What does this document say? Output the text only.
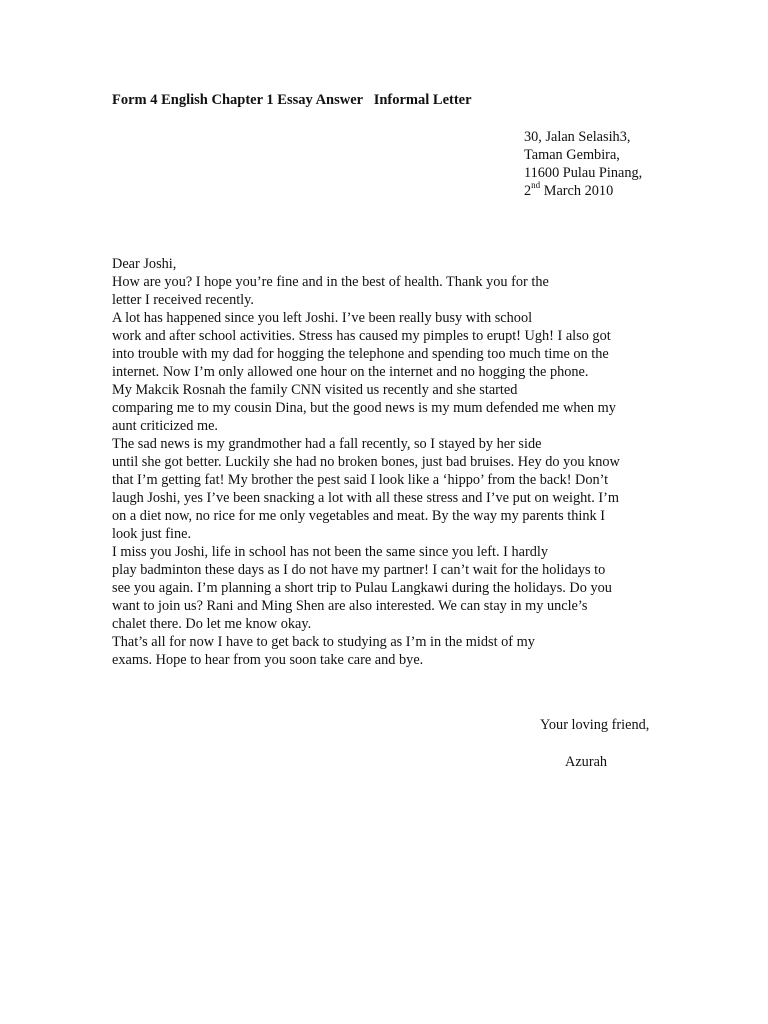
Form 4 English Chapter 1 Essay Answer   Informal Letter
30, Jalan Selasih3,
Taman Gembira,
11600 Pulau Pinang,
2nd March 2010
Dear Joshi,
How are you? I hope you’re fine and in the best of health. Thank you for the
letter I received recently.
A lot has happened since you left Joshi. I’ve been really busy with school
work and after school activities. Stress has caused my pimples to erupt! Ugh! I also got
into trouble with my dad for hogging the telephone and spending too much time on the
internet. Now I’m only allowed one hour on the internet and no hogging the phone.
My Makcik Rosnah the family CNN visited us recently and she started
comparing me to my cousin Dina, but the good news is my mum defended me when my
aunt criticized me.
The sad news is my grandmother had a fall recently, so I stayed by her side
until she got better. Luckily she had no broken bones, just bad bruises. Hey do you know
that I’m getting fat! My brother the pest said I look like a ‘hippo’ from the back! Don’t
laugh Joshi, yes I’ve been snacking a lot with all these stress and I’ve put on weight. I’m
on a diet now, no rice for me only vegetables and meat. By the way my parents think I
look just fine.
I miss you Joshi, life in school has not been the same since you left. I hardly
play badminton these days as I do not have my partner! I can’t wait for the holidays to
see you again. I’m planning a short trip to Pulau Langkawi during the holidays. Do you
want to join us? Rani and Ming Shen are also interested. We can stay in my uncle’s
chalet there. Do let me know okay.
That’s all for now I have to get back to studying as I’m in the midst of my
exams. Hope to hear from you soon take care and bye.
Your loving friend,
Azurah
